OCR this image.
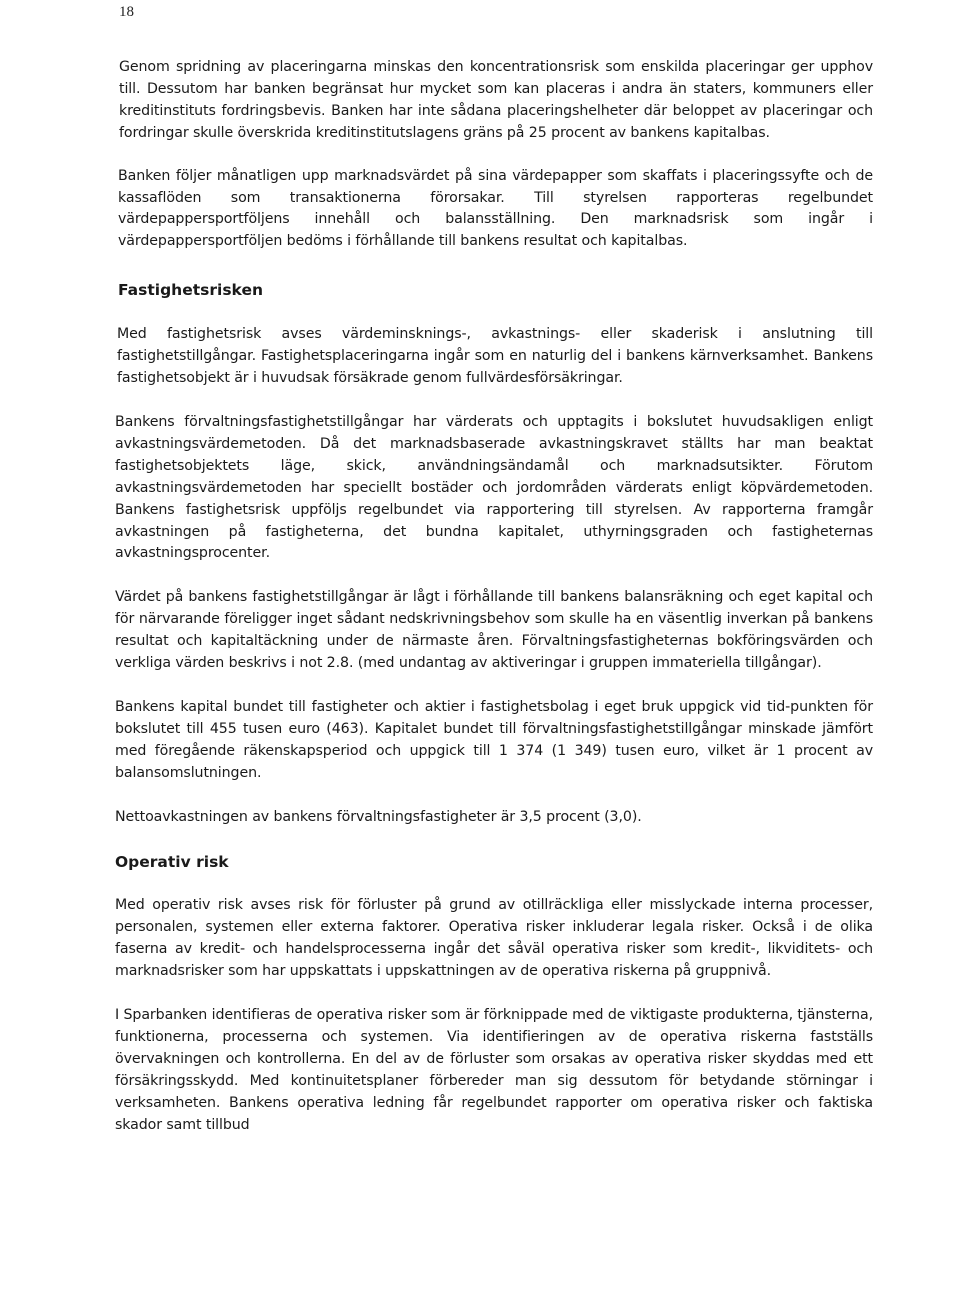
18

Genom spridning av placeringarna minskas den koncentrationsrisk som enskilda placeringar ger upphov till. Dessutom har banken begränsat hur mycket som kan placeras i andra än staters, kommuners eller kreditinstituts fordringsbevis. Banken har inte sådana placeringshelheter där beloppet av placeringar och fordringar skulle överskrida kreditinstitutslagens gräns på 25 procent av bankens kapitalbas.

Banken följer månatligen upp marknadsvärdet på sina värdepapper som skaffats i placeringssyfte och de kassaflöden som transaktionerna förorsakar. Till styrelsen rapporteras regelbundet värdepappersportföljens innehåll och balansställning. Den marknadsrisk som ingår i värdepappersportföljen bedöms i förhållande till bankens resultat och kapitalbas.

Fastighetsrisken

Med fastighetsrisk avses värdeminsknings-, avkastnings- eller skaderisk i anslutning till fastighetstillgångar. Fastighetsplaceringarna ingår som en naturlig del i bankens kärnverksamhet. Bankens fastighetsobjekt är i huvudsak försäkrade genom fullvärdesförsäkringar.

Bankens förvaltningsfastighetstillgångar har värderats och upptagits i bokslutet huvudsakligen enligt avkastningsvärdemetoden. Då det marknadsbaserade avkastningskravet ställts har man beaktat fastighetsobjektets läge, skick, användningsändamål och marknadsutsikter. Förutom avkastningsvärdemetoden har speciellt bostäder och jordområden värderats enligt köpvärdemetoden. Bankens fastighetsrisk uppföljs regelbundet via rapportering till styrelsen. Av rapporterna framgår avkastningen på fastigheterna, det bundna kapitalet, uthyrningsgraden och fastigheternas avkastningsprocenter.

Värdet på bankens fastighetstillgångar är lågt i förhållande till bankens balansräkning och eget kapital och för närvarande föreligger inget sådant nedskrivningsbehov som skulle ha en väsentlig inverkan på bankens resultat och kapitaltäckning under de närmaste åren. Förvaltningsfastigheternas bokföringsvärden och verkliga värden beskrivs i not 2.8. (med undantag av aktiveringar i gruppen immateriella tillgångar).

Bankens kapital bundet till fastigheter och aktier i fastighetsbolag i eget bruk uppgick vid tid-punkten för bokslutet till 455 tusen euro (463). Kapitalet bundet till förvaltningsfastighetstillgångar minskade jämfört med föregående räkenskapsperiod och uppgick till 1 374 (1 349) tusen euro, vilket är 1 procent av balansomslutningen.

Nettoavkastningen av bankens förvaltningsfastigheter är 3,5 procent (3,0).

Operativ risk

Med operativ risk avses risk för förluster på grund av otillräckliga eller misslyckade interna processer, personalen, systemen eller externa faktorer. Operativa risker inkluderar legala risker. Också i de olika faserna av kredit- och handelsprocesserna ingår det såväl operativa risker som kredit-, likviditets- och marknadsrisker som har uppskattats i uppskattningen av de operativa riskerna på gruppnivå.

I Sparbanken identifieras de operativa risker som är förknippade med de viktigaste produkterna, tjänsterna, funktionerna, processerna och systemen. Via identifieringen av de operativa riskerna fastställs övervakningen och kontrollerna. En del av de förluster som orsakas av operativa risker skyddas med ett försäkringsskydd. Med kontinuitetsplaner förbereder man sig dessutom för betydande störningar i verksamheten. Bankens operativa ledning får regelbundet rapporter om operativa risker och faktiska skador samt tillbud
